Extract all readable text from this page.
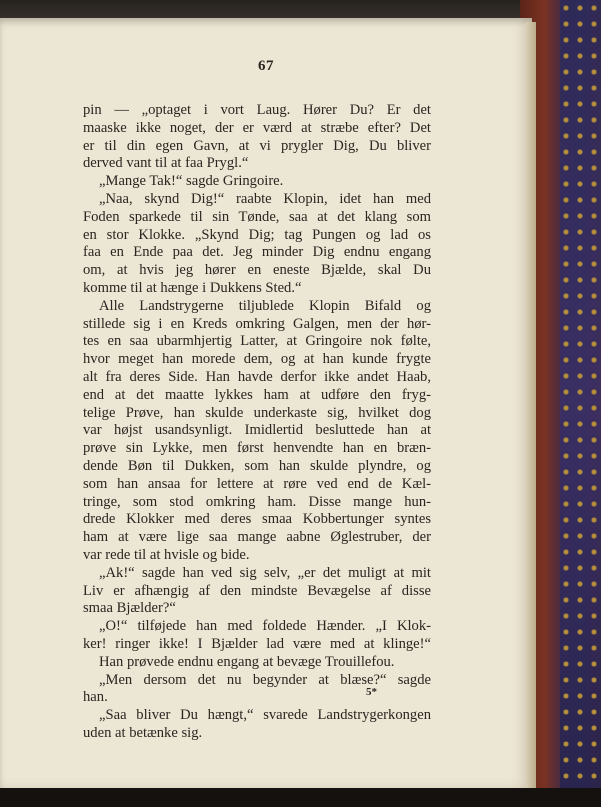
67
pin — „optaget i vort Laug. Hører Du? Er det
maaske ikke noget, der er værd at stræbe efter? Det
er til din egen Gavn, at vi prygler Dig, Du bliver
derved vant til at faa Prygl.“
„Mange Tak!“ sagde Gringoire.
„Naa, skynd Dig!“ raabte Klopin, idet han med
Foden sparkede til sin Tønde, saa at det klang som
en stor Klokke. „Skynd Dig; tag Pungen og lad os
faa en Ende paa det. Jeg minder Dig endnu engang
om, at hvis jeg hører en eneste Bjælde, skal Du
komme til at hænge i Dukkens Sted.“
Alle Landstrygerne tiljublede Klopin Bifald og
stillede sig i en Kreds omkring Galgen, men der hør-
tes en saa ubarmhjertig Latter, at Gringoire nok følte,
hvor meget han morede dem, og at han kunde frygte
alt fra deres Side. Han havde derfor ikke andet Haab,
end at det maatte lykkes ham at udføre den fryg-
telige Prøve, han skulde underkaste sig, hvilket dog
var højst usandsynligt. Imidlertid besluttede han at
prøve sin Lykke, men først henvendte han en bræn-
dende Bøn til Dukken, som han skulde plyndre, og
som han ansaa for lettere at røre ved end de Kæl-
tringe, som stod omkring ham. Disse mange hun-
drede Klokker med deres smaa Kobbertunger syntes
ham at være lige saa mange aabne Øglestruber, der
var rede til at hvisle og bide.
„Ak!“ sagde han ved sig selv, „er det muligt at mit
Liv er afhængig af den mindste Bevægelse af disse
smaa Bjælder?“
„O!“ tilføjede han med foldede Hænder. „I Klok-
ker! ringer ikke! I Bjælder lad være med at klinge!“
Han prøvede endnu engang at bevæge Trouillefou.
„Men dersom det nu begynder at blæse?“ sagde
han.
„Saa bliver Du hængt,“ svarede Landstrygerkongen
uden at betænke sig.
5*
